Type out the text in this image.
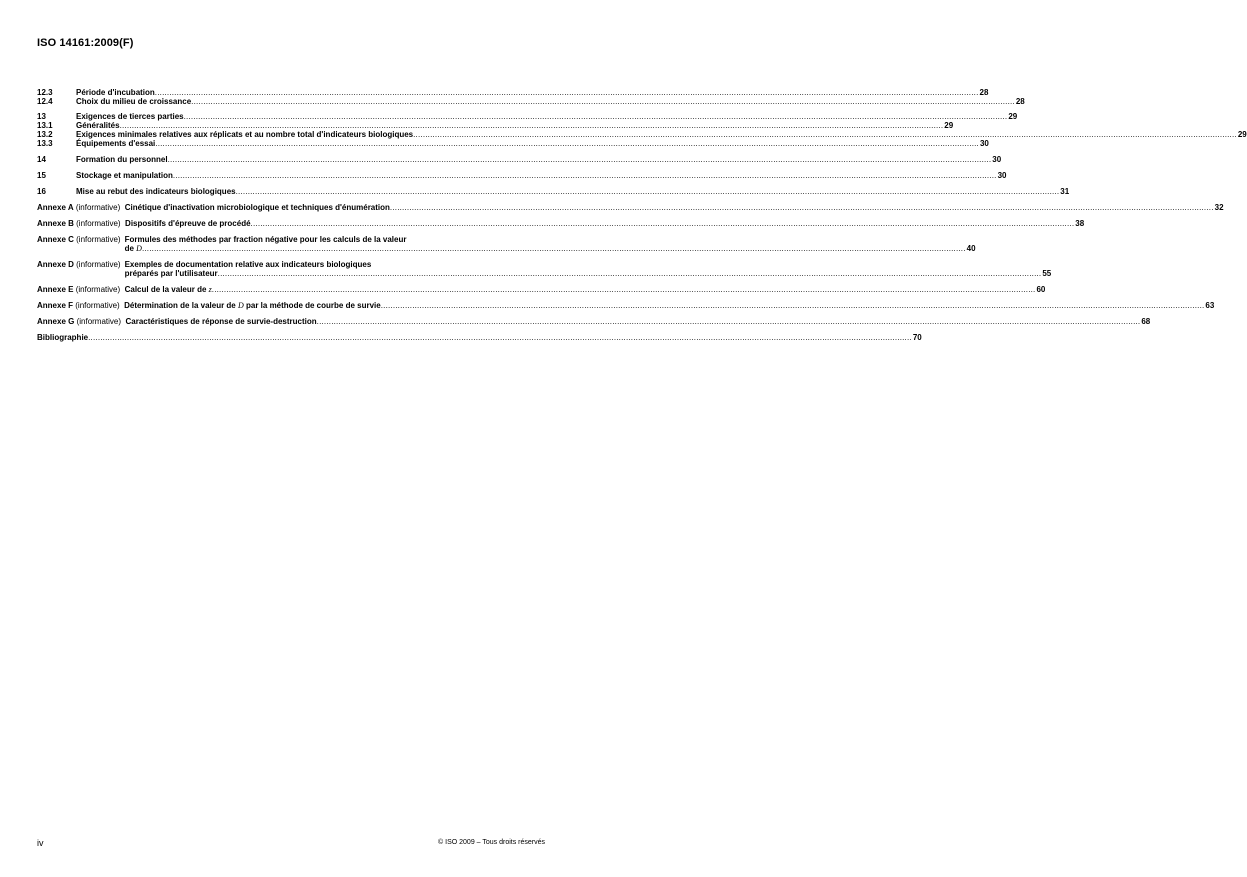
ISO 14161:2009(F)
12.3	Période d'incubation .....	28
12.4	Choix du milieu de croissance .....	28
13	Exigences de tierces parties .....	29
13.1	Généralités .....	29
13.2	Exigences minimales relatives aux réplicats et au nombre total d'indicateurs biologiques .....	29
13.3	Équipements d'essai .....	30
14	Formation du personnel .....	30
15	Stockage et manipulation .....	30
16	Mise au rebut des indicateurs biologiques .....	31
Annexe A (informative) Cinétique d'inactivation microbiologique et techniques d'énumération .....	32
Annexe B (informative) Dispositifs d'épreuve de procédé .....	38
Annexe C (informative) Formules des méthodes par fraction négative pour les calculs de la valeur
de D .....	40
Annexe D (informative) Exemples de documentation relative aux indicateurs biologiques
préparés par l'utilisateur .....	55
Annexe E (informative) Calcul de la valeur de z .....	60
Annexe F (informative) Détermination de la valeur de D par la méthode de courbe de survie .....	63
Annexe G (informative) Caractéristiques de réponse de survie-destruction .....	68
Bibliographie .....	70
iv	© ISO 2009 – Tous droits réservés
